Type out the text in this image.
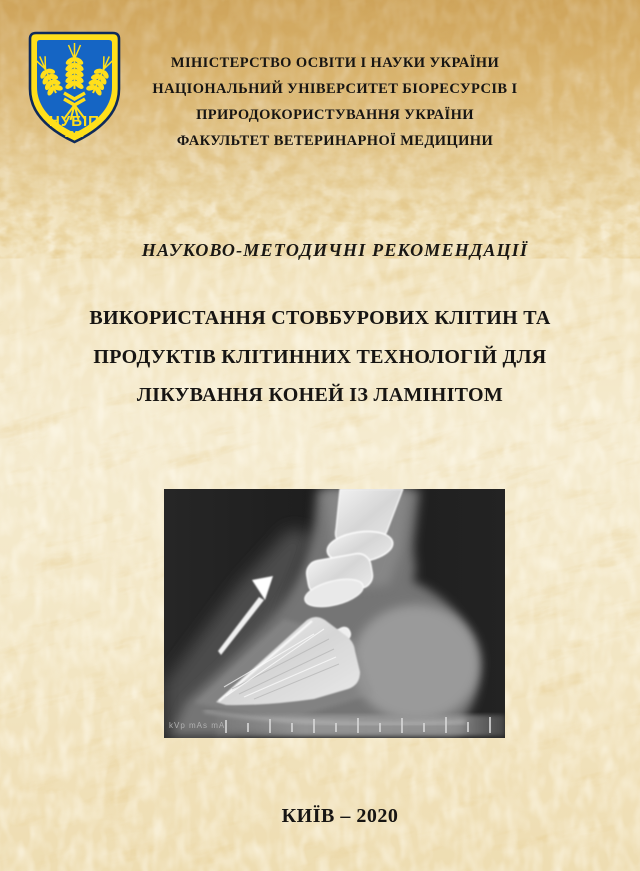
НУБІП
1898
МІНІСТЕРСТВО ОСВІТИ І НАУКИ УКРАЇНИ
НАЦІОНАЛЬНИЙ УНІВЕРСИТЕТ БІОРЕСУРСІВ І
ПРИРОДОКОРИСТУВАННЯ УКРАЇНИ
ФАКУЛЬТЕТ ВЕТЕРИНАРНОЇ МЕДИЦИНИ
НАУКОВО-МЕТОДИЧНІ РЕКОМЕНДАЦІЇ
ВИКОРИСТАННЯ СТОВБУРОВИХ КЛІТИН ТА
ПРОДУКТІВ КЛІТИННИХ ТЕХНОЛОГІЙ ДЛЯ
ЛІКУВАННЯ КОНЕЙ ІЗ ЛАМІНІТОМ
kVp mAs mA
КИЇВ – 2020
